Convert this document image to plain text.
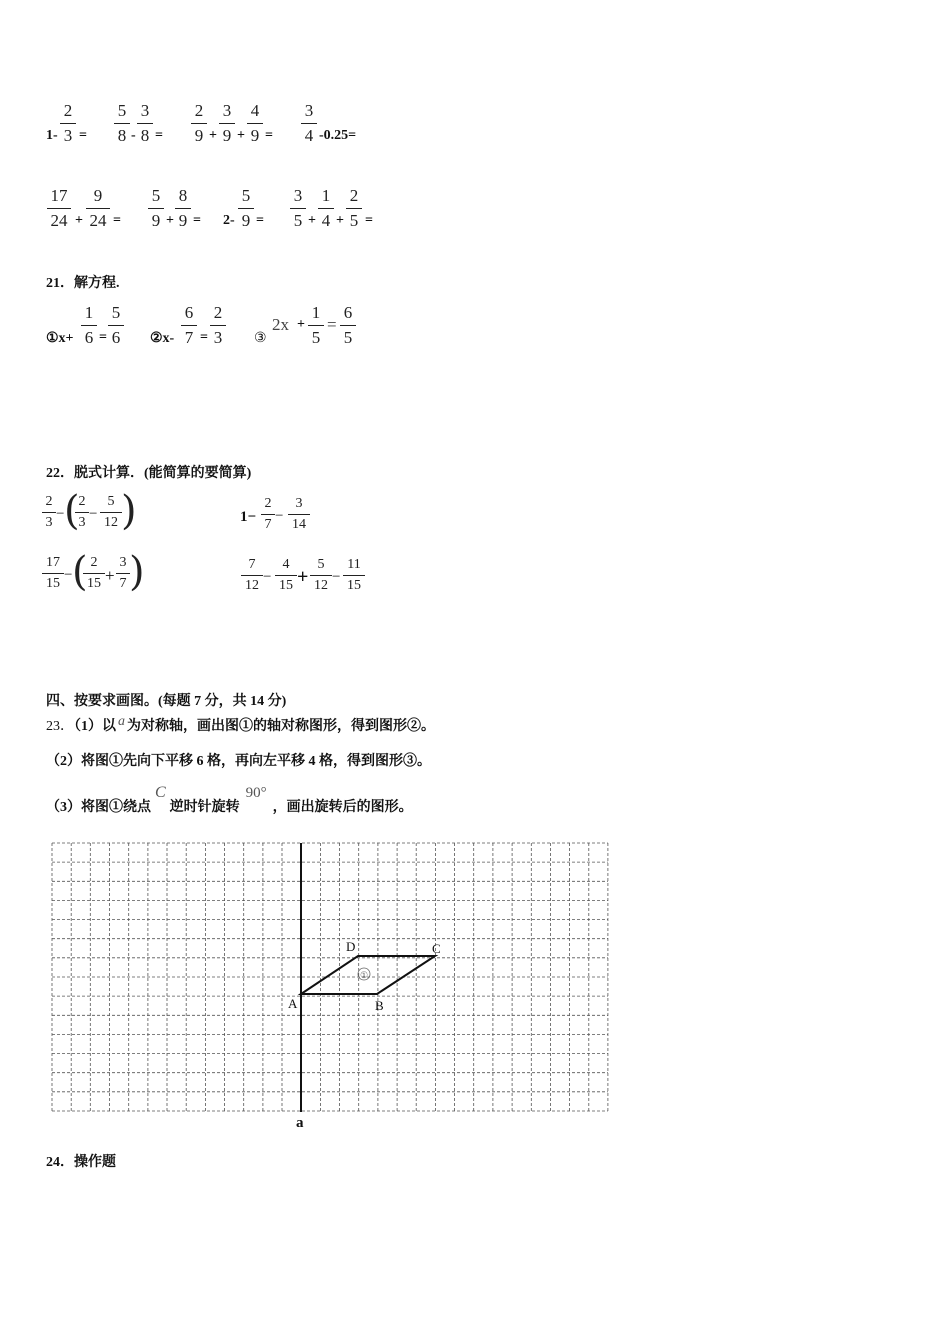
1-
2
3 =
5
8 -
3
8 =
2
9 +
3
9 +
4
9 =
3
4 -0.25=
17
24 +
9
24 =
5
9 +
8
9 = 2-
5
9 =
3
5 +
1
4 +
2
5 =
21．解方程.
①x+
1
6 =
5
6 ②x-
6
7 =
2
3 ③
2x +
1
5
=
6
5
22．脱式计算．(能简算的要简算)
2
3
− (
2
3
−
5
12 )	1−
2
7
−
3
14
17
15
− ( 2
15 +
3
7 )	7
12
−
4
15 +
5
12
−
11
15
四、按要求画图。(每题 7 分，共 14 分)
23．（1）以 a 为对称轴，画出图①的轴对称图形，得到图形②。
（2）将图①先向下平移 6 格，再向左平移 4 格，得到图形③。
（3）将图①绕点C逆时针旋转90°，画出旋转后的图形。
①
A	B
C
D
a
24．操作题
